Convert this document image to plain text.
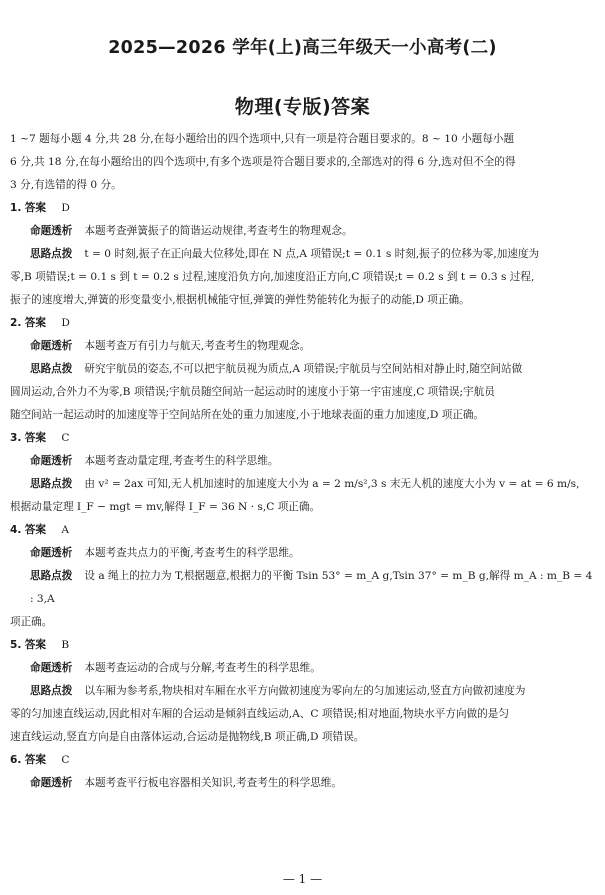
2025—2026 学年(上)高三年级天一小高考(二)
物理(专版)答案

1 ~7 题每小题 4 分,共 28 分,在每小题给出的四个选项中,只有一项是符合题目要求的。8 ~ 10 小题每小题

6 分,共 18 分,在每小题给出的四个选项中,有多个选项是符合题目要求的,全部选对的得 6 分,选对但不全的得

3 分,有选错的得 0 分。

1. 答案 D

命题透析 本题考查弹簧振子的简谐运动规律,考查考生的物理观念。

思路点拨 t = 0 时刻,振子在正向最大位移处,即在 N 点,A 项错误;t = 0.1 s 时刻,振子的位移为零,加速度为

零,B 项错误;t = 0.1 s 到 t = 0.2 s 过程,速度沿负方向,加速度沿正方向,C 项错误;t = 0.2 s 到 t = 0.3 s 过程,

振子的速度增大,弹簧的形变量变小,根据机械能守恒,弹簧的弹性势能转化为振子的动能,D 项正确。

2. 答案 D

命题透析 本题考查万有引力与航天,考查考生的物理观念。

思路点拨 研究宇航员的姿态,不可以把宇航员视为质点,A 项错误;宇航员与空间站相对静止时,随空间站做

圆周运动,合外力不为零,B 项错误;宇航员随空间站一起运动时的速度小于第一宇宙速度,C 项错误;宇航员

随空间站一起运动时的加速度等于空间站所在处的重力加速度,小于地球表面的重力加速度,D 项正确。

3. 答案 C

命题透析 本题考查动量定理,考查考生的科学思维。

思路点拨 由 v² = 2ax 可知,无人机加速时的加速度大小为 a = 2 m/s²,3 s 末无人机的速度大小为 v = at = 6 m/s,

根据动量定理 I_F − mgt = mv,解得 I_F = 36 N · s,C 项正确。

4. 答案 A

命题透析 本题考查共点力的平衡,考查考生的科学思维。

思路点拨 设 a 绳上的拉力为 T,根据题意,根据力的平衡 Tsin 53° = m_A g,Tsin 37° = m_B g,解得 m_A : m_B = 4 : 3,A

项正确。

5. 答案 B

命题透析 本题考查运动的合成与分解,考查考生的科学思维。

思路点拨 以车厢为参考系,物块相对车厢在水平方向做初速度为零向左的匀加速运动,竖直方向做初速度为

零的匀加速直线运动,因此相对车厢的合运动是倾斜直线运动,A、C 项错误;相对地面,物块水平方向做的是匀

速直线运动,竖直方向是自由落体运动,合运动是抛物线,B 项正确,D 项错误。

6. 答案 C

命题透析 本题考查平行板电容器相关知识,考查考生的科学思维。

— 1 —
